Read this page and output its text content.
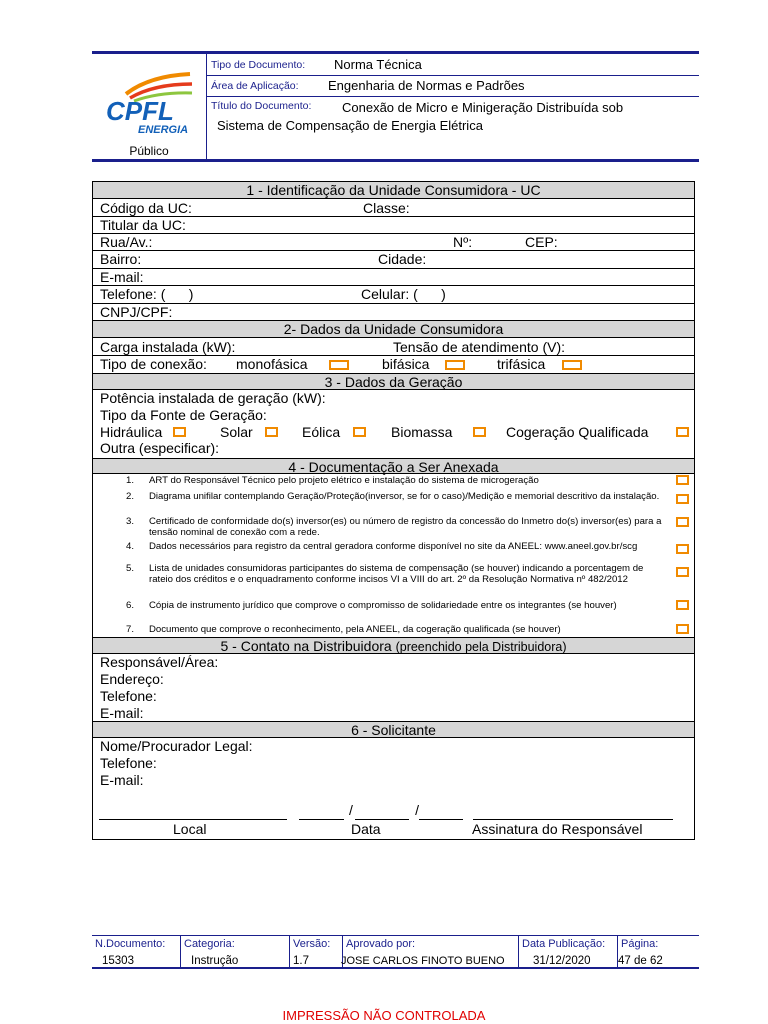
CPFL
ENERGIA
Público
Tipo de Documento: Norma Técnica
Área de Aplicação: Engenharia de Normas e Padrões
Título do Documento: Conexão de Micro e Minigeração Distribuída sob
Sistema de Compensação de Energia Elétrica
1 - Identificação da Unidade Consumidora - UC
Código da UC:	Classe:
Titular da UC:
Rua/Av.:	Nº:	CEP:
Bairro:	Cidade:
E-mail:
Telefone: (      )	Celular: (      )
CNPJ/CPF:
2- Dados da Unidade Consumidora
Carga instalada (kW):	Tensão de atendimento (V):
Tipo de conexão: monofásica	bifásica	trifásica
3 - Dados da Geração
Potência instalada de geração (kW):
Tipo da Fonte de Geração:
Hidráulica	Solar	Eólica	Biomassa	Cogeração Qualificada
Outra (especificar):
4 - Documentação a Ser Anexada
1. ART do Responsável Técnico pelo projeto elétrico e instalação do sistema de microgeração
2. Diagrama unifilar contemplando Geração/Proteção(inversor, se for o caso)/Medição e memorial descritivo da instalação.
3. Certificado de conformidade do(s) inversor(es) ou número de registro da concessão do Inmetro do(s) inversor(es) para a tensão nominal de conexão com a rede.
4. Dados necessários para registro da central geradora conforme disponível no site da ANEEL: www.aneel.gov.br/scg
5. Lista de unidades consumidoras participantes do sistema de compensação (se houver) indicando a porcentagem de rateio dos créditos e o enquadramento conforme incisos VI a VIII do art. 2º da Resolução Normativa nº 482/2012
6. Cópia de instrumento jurídico que comprove o compromisso de solidariedade entre os integrantes (se houver)
7. Documento que comprove o reconhecimento, pela ANEEL, da cogeração qualificada (se houver)
5 - Contato na Distribuidora (preenchido pela Distribuidora)
Responsável/Área:
Endereço:
Telefone:
E-mail:
6 - Solicitante
Nome/Procurador Legal:
Telefone:
E-mail:
/                /
Local	Data	Assinatura do Responsável
N.Documento:
15303
Categoria:
Instrução
Versão:
1.7
Aprovado por:
JOSE CARLOS FINOTO BUENO
Data Publicação:
31/12/2020
Página:
47 de 62
IMPRESSÃO NÃO CONTROLADA
